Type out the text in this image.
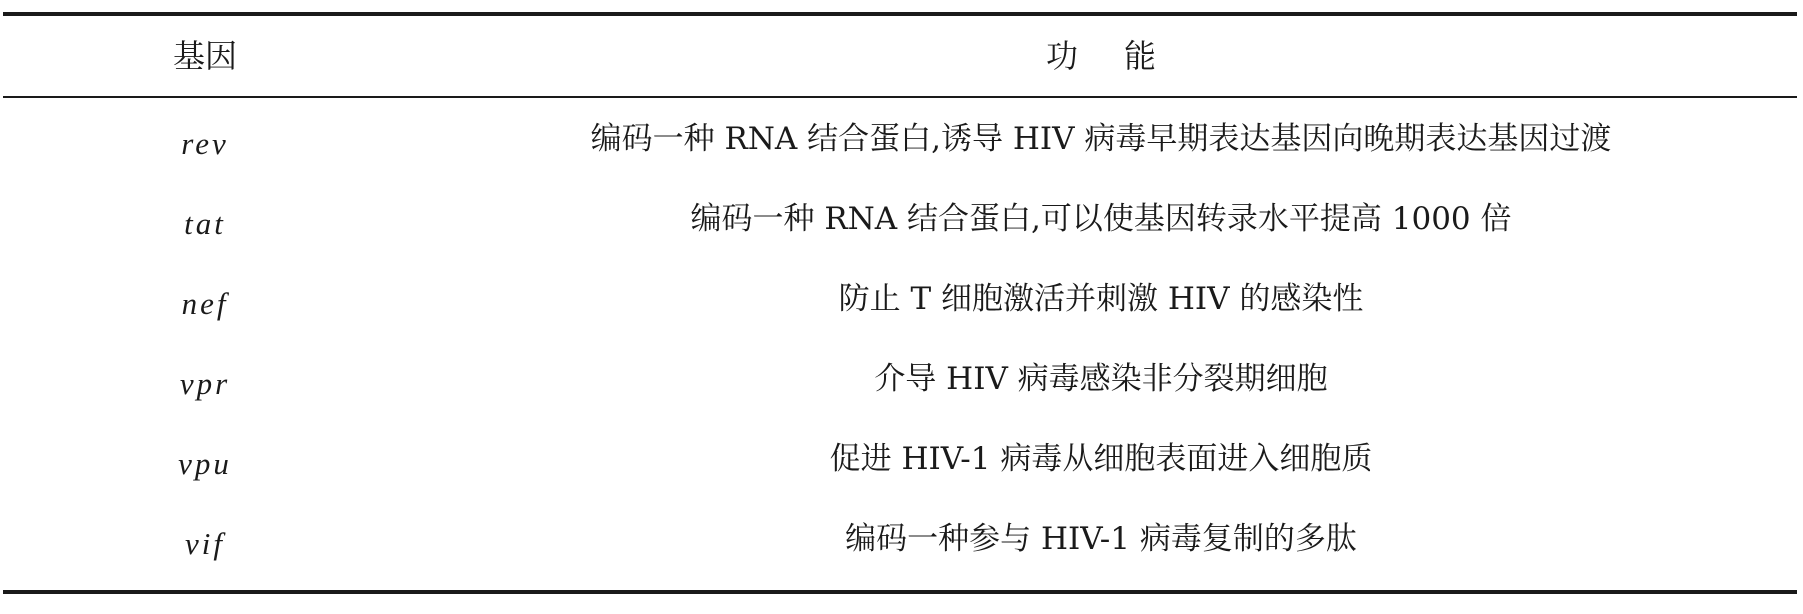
基因	功能
rev	编码一种 RNA 结合蛋白,诱导 HIV 病毒早期表达基因向晚期表达基因过渡
tat	编码一种 RNA 结合蛋白,可以使基因转录水平提高 1000 倍
nef	防止 T 细胞激活并刺激 HIV 的感染性
vpr	介导 HIV 病毒感染非分裂期细胞
vpu	促进 HIV-1 病毒从细胞表面进入细胞质
vif	编码一种参与 HIV-1 病毒复制的多肽
